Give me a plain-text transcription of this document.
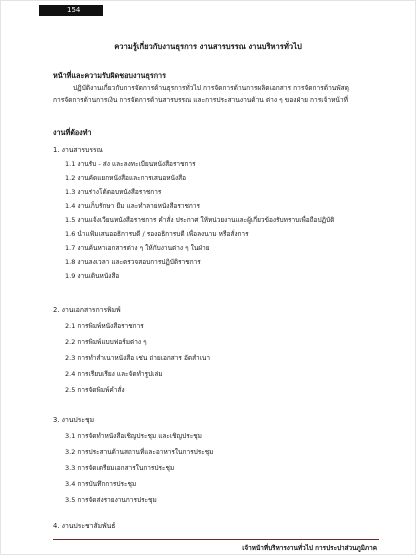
154
ความรู้เกี่ยวกับงานธุรการ งานสารบรรณ งานบริหารทั่วไป
หน้าที่และความรับผิดชอบงานธุรการ
ปฏิบัติงานเกี่ยวกับการจัดการด้านธุรการทั่วไป การจัดการด้านการผลิตเอกสาร การจัดการด้านพัสดุ
การจัดการด้านการเงิน การจัดการด้านสารบรรณ และการประสานงานด้าน ต่าง ๆ ของฝ่าย การเจ้าหน้าที่
งานที่ต้องทำ
1. งานสารบรรณ
1.1 งานรับ - ส่ง และลงทะเบียนหนังสือราชการ
1.2 งานคัดแยกหนังสือและการเสนอหนังสือ
1.3 งานร่างโต้ตอบหนังสือราชการ
1.4 งานเก็บรักษา ยืม และทำลายหนังสือราชการ
1.5 งานแจ้งเวียนหนังสือราชการ คำสั่ง ประกาศ ให้หน่วยงานและผู้เกี่ยวข้องรับทราบเพื่อถือปฏิบัติ
1.6 นำแฟ้มเสนออธิการบดี / รองอธิการบดี เพื่อลงนาม หรือสั่งการ
1.7 งานค้นหาเอกสารต่าง ๆ ให้กับงานต่าง ๆ ในฝ่าย
1.8 งานลงเวลา และตรวจสอบการปฏิบัติราชการ
1.9 งานเดินหนังสือ
2. งานเอกสารการพิมพ์
2.1 การพิมพ์หนังสือราชการ
2.2 การพิมพ์แบบฟอร์มต่าง ๆ
2.3 การทำสำเนาหนังสือ เช่น ถ่ายเอกสาร อัดสำเนา
2.4 การเรียบเรียง และจัดทำรูปเล่ม
2.5 การจัดพิมพ์คำสั่ง
3. งานประชุม
3.1 การจัดทำหนังสือเชิญประชุม และเชิญประชุม
3.2 การประสานด้านสถานที่และอาหารในการประชุม
3.3 การจัดเตรียมเอกสารในการประชุม
3.4 การบันทึกการประชุม
3.5 การจัดส่งรายงานการประชุม
4. งานประชาสัมพันธ์
เจ้าหน้าที่บริหารงานทั่วไป การประปาส่วนภูมิภาค
